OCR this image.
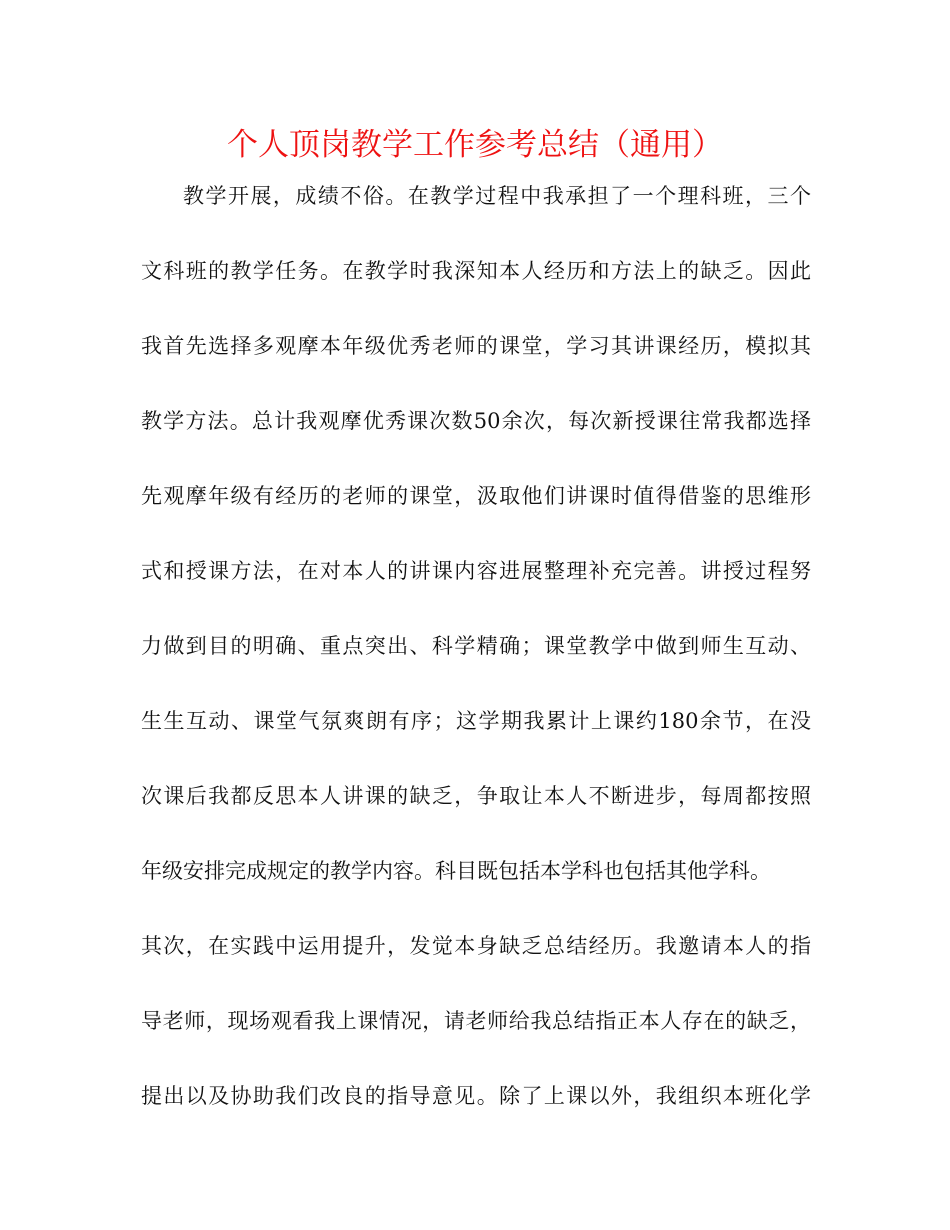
个人顶岗教学工作参考总结（通用）
教学开展，成绩不俗。在教学过程中我承担了一个理科班，三个
文科班的教学任务。在教学时我深知本人经历和方法上的缺乏。因此
我首先选择多观摩本年级优秀老师的课堂，学习其讲课经历，模拟其
教学方法。总计我观摩优秀课次数50余次，每次新授课往常我都选择
先观摩年级有经历的老师的课堂，汲取他们讲课时值得借鉴的思维形
式和授课方法，在对本人的讲课内容进展整理补充完善。讲授过程努
力做到目的明确、重点突出、科学精确；课堂教学中做到师生互动、
生生互动、课堂气氛爽朗有序；这学期我累计上课约180余节，在没
次课后我都反思本人讲课的缺乏，争取让本人不断进步，每周都按照
年级安排完成规定的教学内容。科目既包括本学科也包括其他学科。
其次，在实践中运用提升，发觉本身缺乏总结经历。我邀请本人的指
导老师，现场观看我上课情况，请老师给我总结指正本人存在的缺乏，
提出以及协助我们改良的指导意见。除了上课以外，我组织本班化学
